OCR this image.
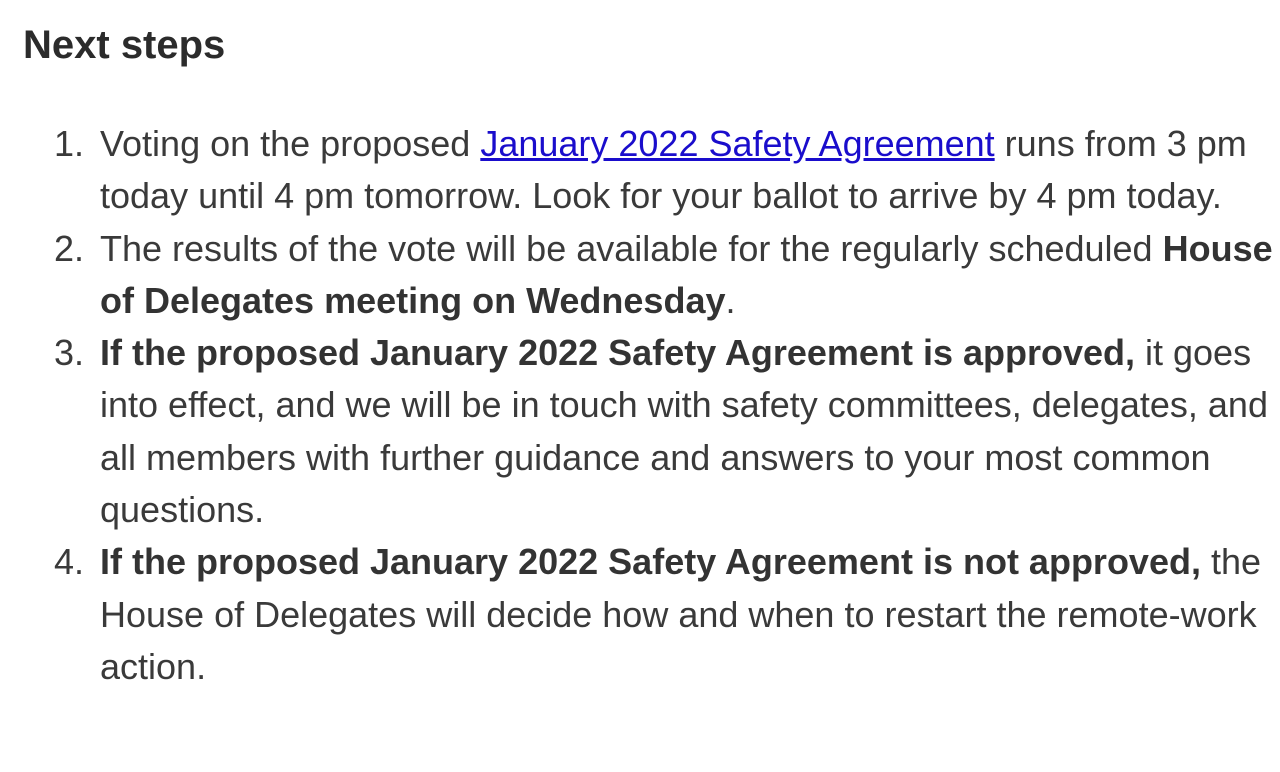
Next steps
1. Voting on the proposed January 2022 Safety Agreement runs from 3 pm today until 4 pm tomorrow. Look for your ballot to arrive by 4 pm today.
2. The results of the vote will be available for the regularly scheduled House of Delegates meeting on Wednesday.
3. If the proposed January 2022 Safety Agreement is approved, it goes into effect, and we will be in touch with safety committees, delegates, and all members with further guidance and answers to your most common questions.
4. If the proposed January 2022 Safety Agreement is not approved, the House of Delegates will decide how and when to restart the remote-work action.
